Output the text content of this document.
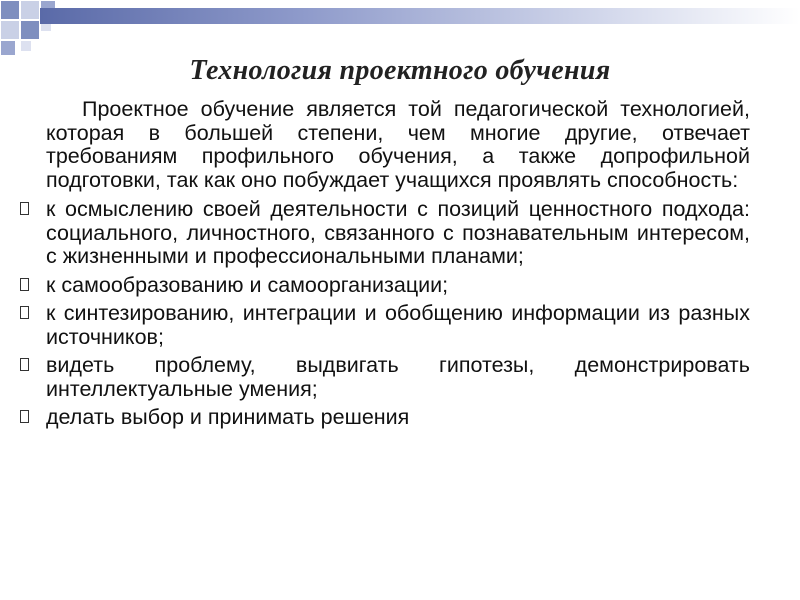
Технология проектного обучения

Проектное обучение является той педагогической технологией, которая в большей степени, чем многие другие, отвечает требованиям профильного обучения, а также допрофильной подготовки, так как оно побуждает учащихся проявлять способность:

к осмыслению своей деятельности с позиций ценностного подхода: социального, личностного, связанного с познавательным интересом, с жизненными и профессиональными планами;
к самообразованию и самоорганизации;
к синтезированию, интеграции и обобщению информации из разных источников;
видеть проблему, выдвигать гипотезы, демонстрировать интеллектуальные умения;
делать выбор и принимать решения
